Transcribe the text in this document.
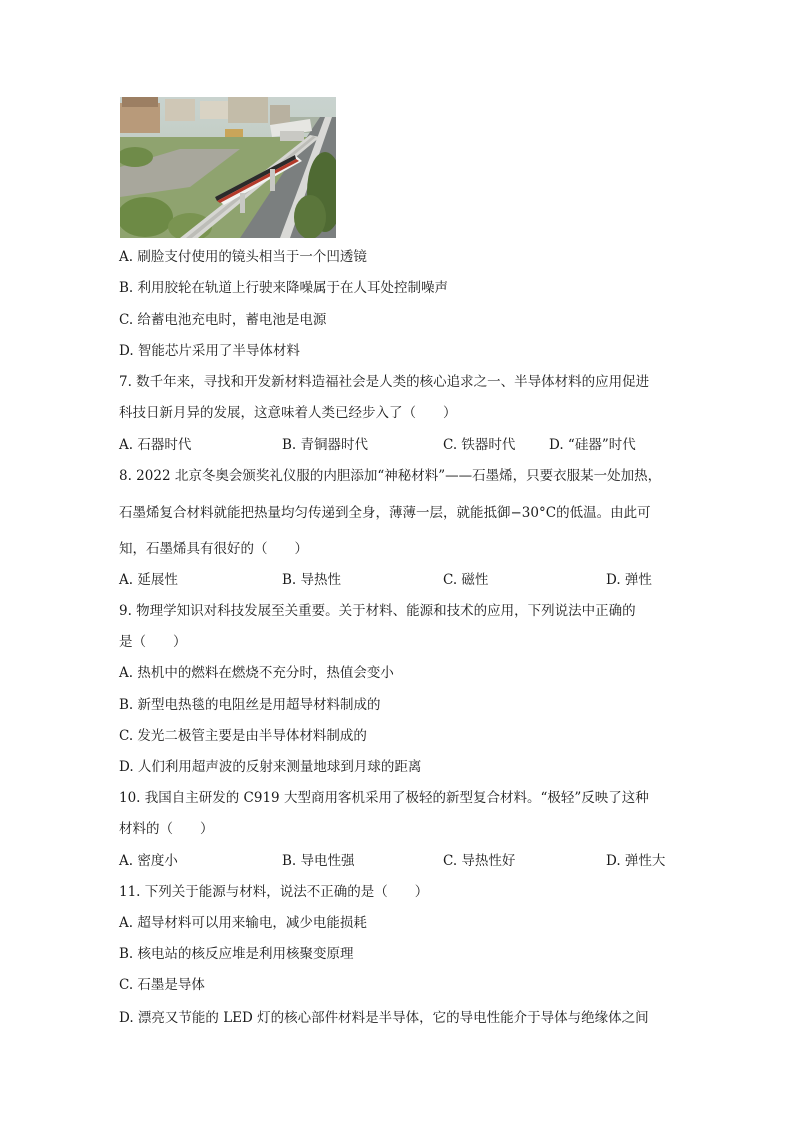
A. 刷脸支付使用的镜头相当于一个凹透镜
B. 利用胶轮在轨道上行驶来降噪属于在人耳处控制噪声
C. 给蓄电池充电时，蓄电池是电源
D. 智能芯片采用了半导体材料
7. 数千年来，寻找和开发新材料造福社会是人类的核心追求之一、半导体材料的应用促进
科技日新月异的发展，这意味着人类已经步入了（　　）
A. 石器时代	B. 青铜器时代	C. 铁器时代 D. “硅器”时代
8. 2022 北京冬奥会颁奖礼仪服的内胆添加“神秘材料”——石墨烯，只要衣服某一处加热，
石墨烯复合材料就能把热量均匀传递到全身，薄薄一层，就能抵御−30°C的低温。由此可
知，石墨烯具有很好的（　　）
A. 延展性	B. 导热性	C. 磁性	D. 弹性
9. 物理学知识对科技发展至关重要。关于材料、能源和技术的应用，下列说法中正确的
是（　　）
A. 热机中的燃料在燃烧不充分时，热值会变小
B. 新型电热毯的电阻丝是用超导材料制成的
C. 发光二极管主要是由半导体材料制成的
D. 人们利用超声波的反射来测量地球到月球的距离
10. 我国自主研发的 C919 大型商用客机采用了极轻的新型复合材料。“极轻”反映了这种
材料的（　　）
A. 密度小	B. 导电性强	C. 导热性好	D. 弹性大
11. 下列关于能源与材料，说法不正确的是（　　）
A. 超导材料可以用来输电，减少电能损耗
B. 核电站的核反应堆是利用核聚变原理
C. 石墨是导体
D. 漂亮又节能的 LED 灯的核心部件材料是半导体，它的导电性能介于导体与绝缘体之间
